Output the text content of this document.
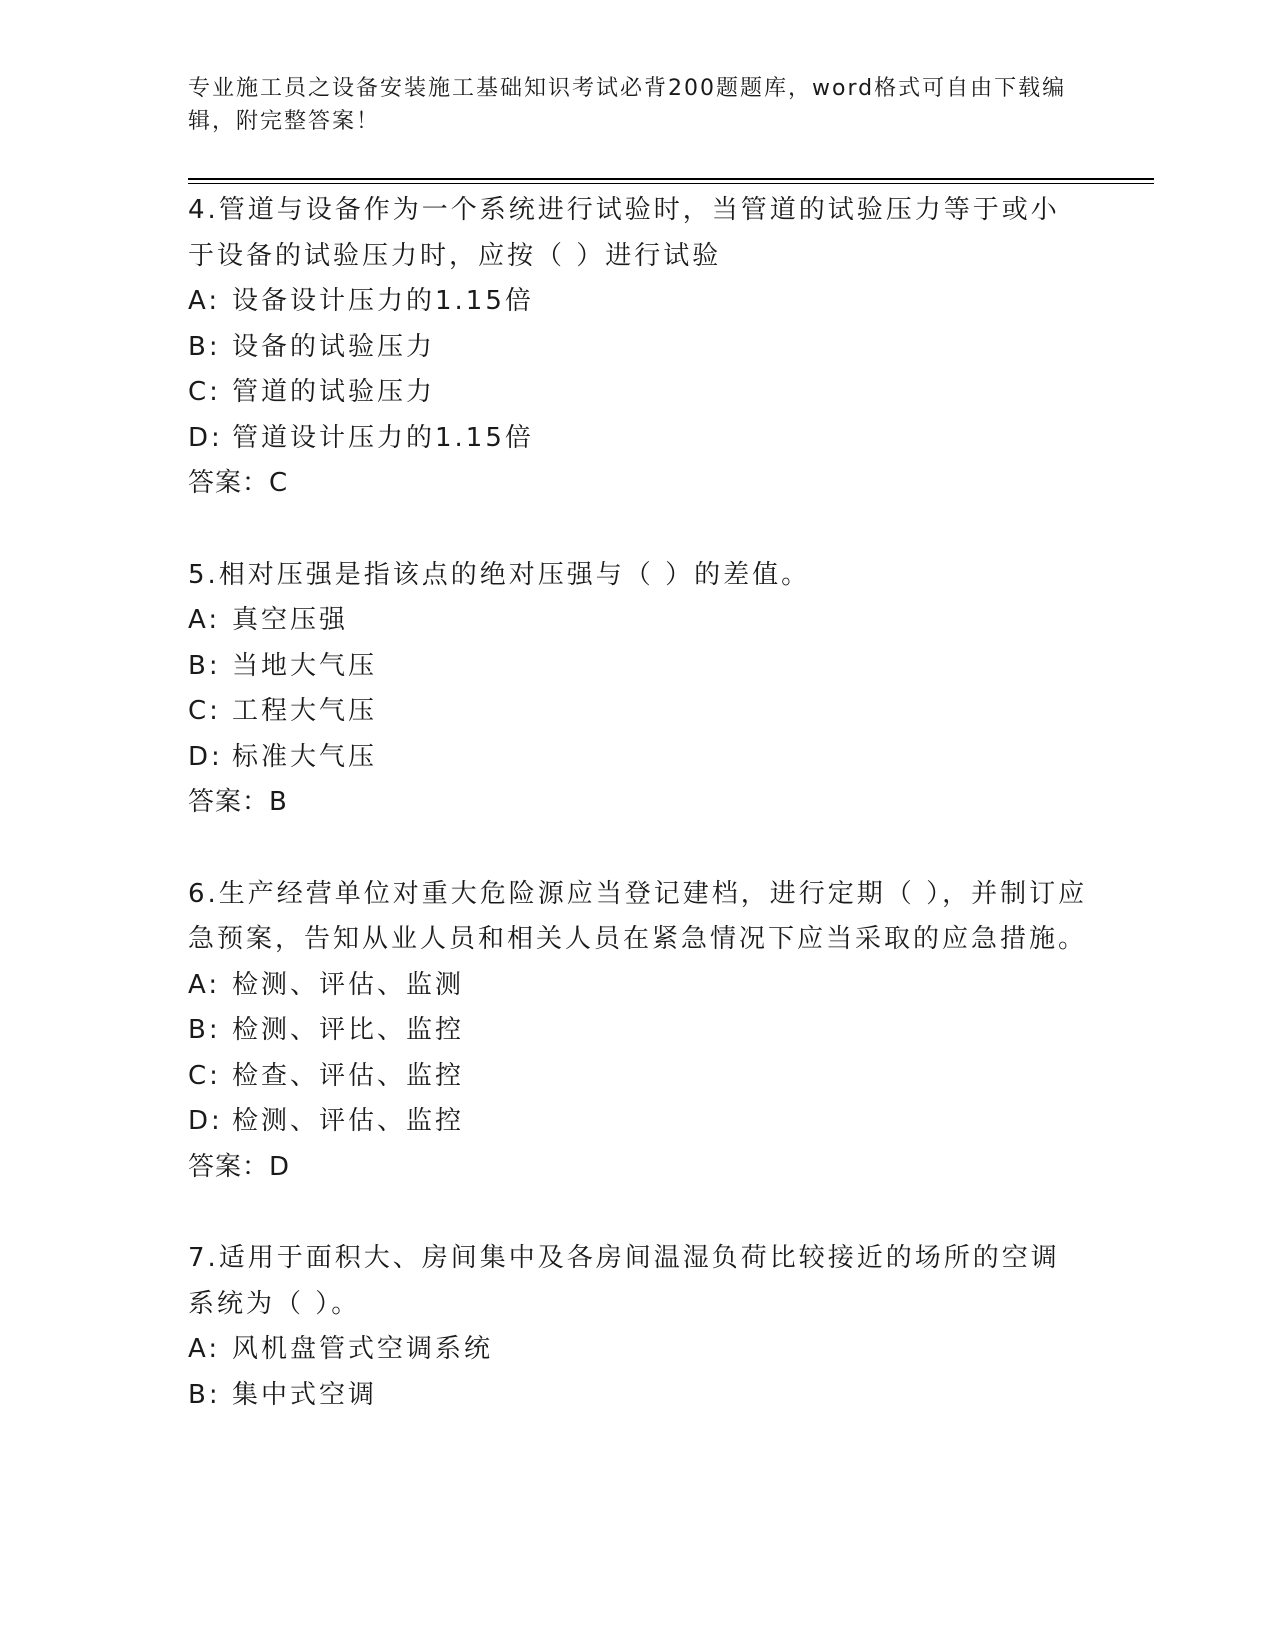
专业施工员之设备安装施工基础知识考试必背200题题库，word格式可自由下载编辑，附完整答案！
4.管道与设备作为一个系统进行试验时，当管道的试验压力等于或小于设备的试验压力时，应按（ ）进行试验
A: 设备设计压力的1.15倍
B: 设备的试验压力
C: 管道的试验压力
D: 管道设计压力的1.15倍
答案：C
5.相对压强是指该点的绝对压强与（ ）的差值。
A: 真空压强
B: 当地大气压
C: 工程大气压
D: 标准大气压
答案：B
6.生产经营单位对重大危险源应当登记建档，进行定期（ ），并制订应急预案，告知从业人员和相关人员在紧急情况下应当采取的应急措施。
A: 检测、评估、监测
B: 检测、评比、监控
C: 检查、评估、监控
D: 检测、评估、监控
答案：D
7.适用于面积大、房间集中及各房间温湿负荷比较接近的场所的空调系统为（ ）。
A: 风机盘管式空调系统
B: 集中式空调
